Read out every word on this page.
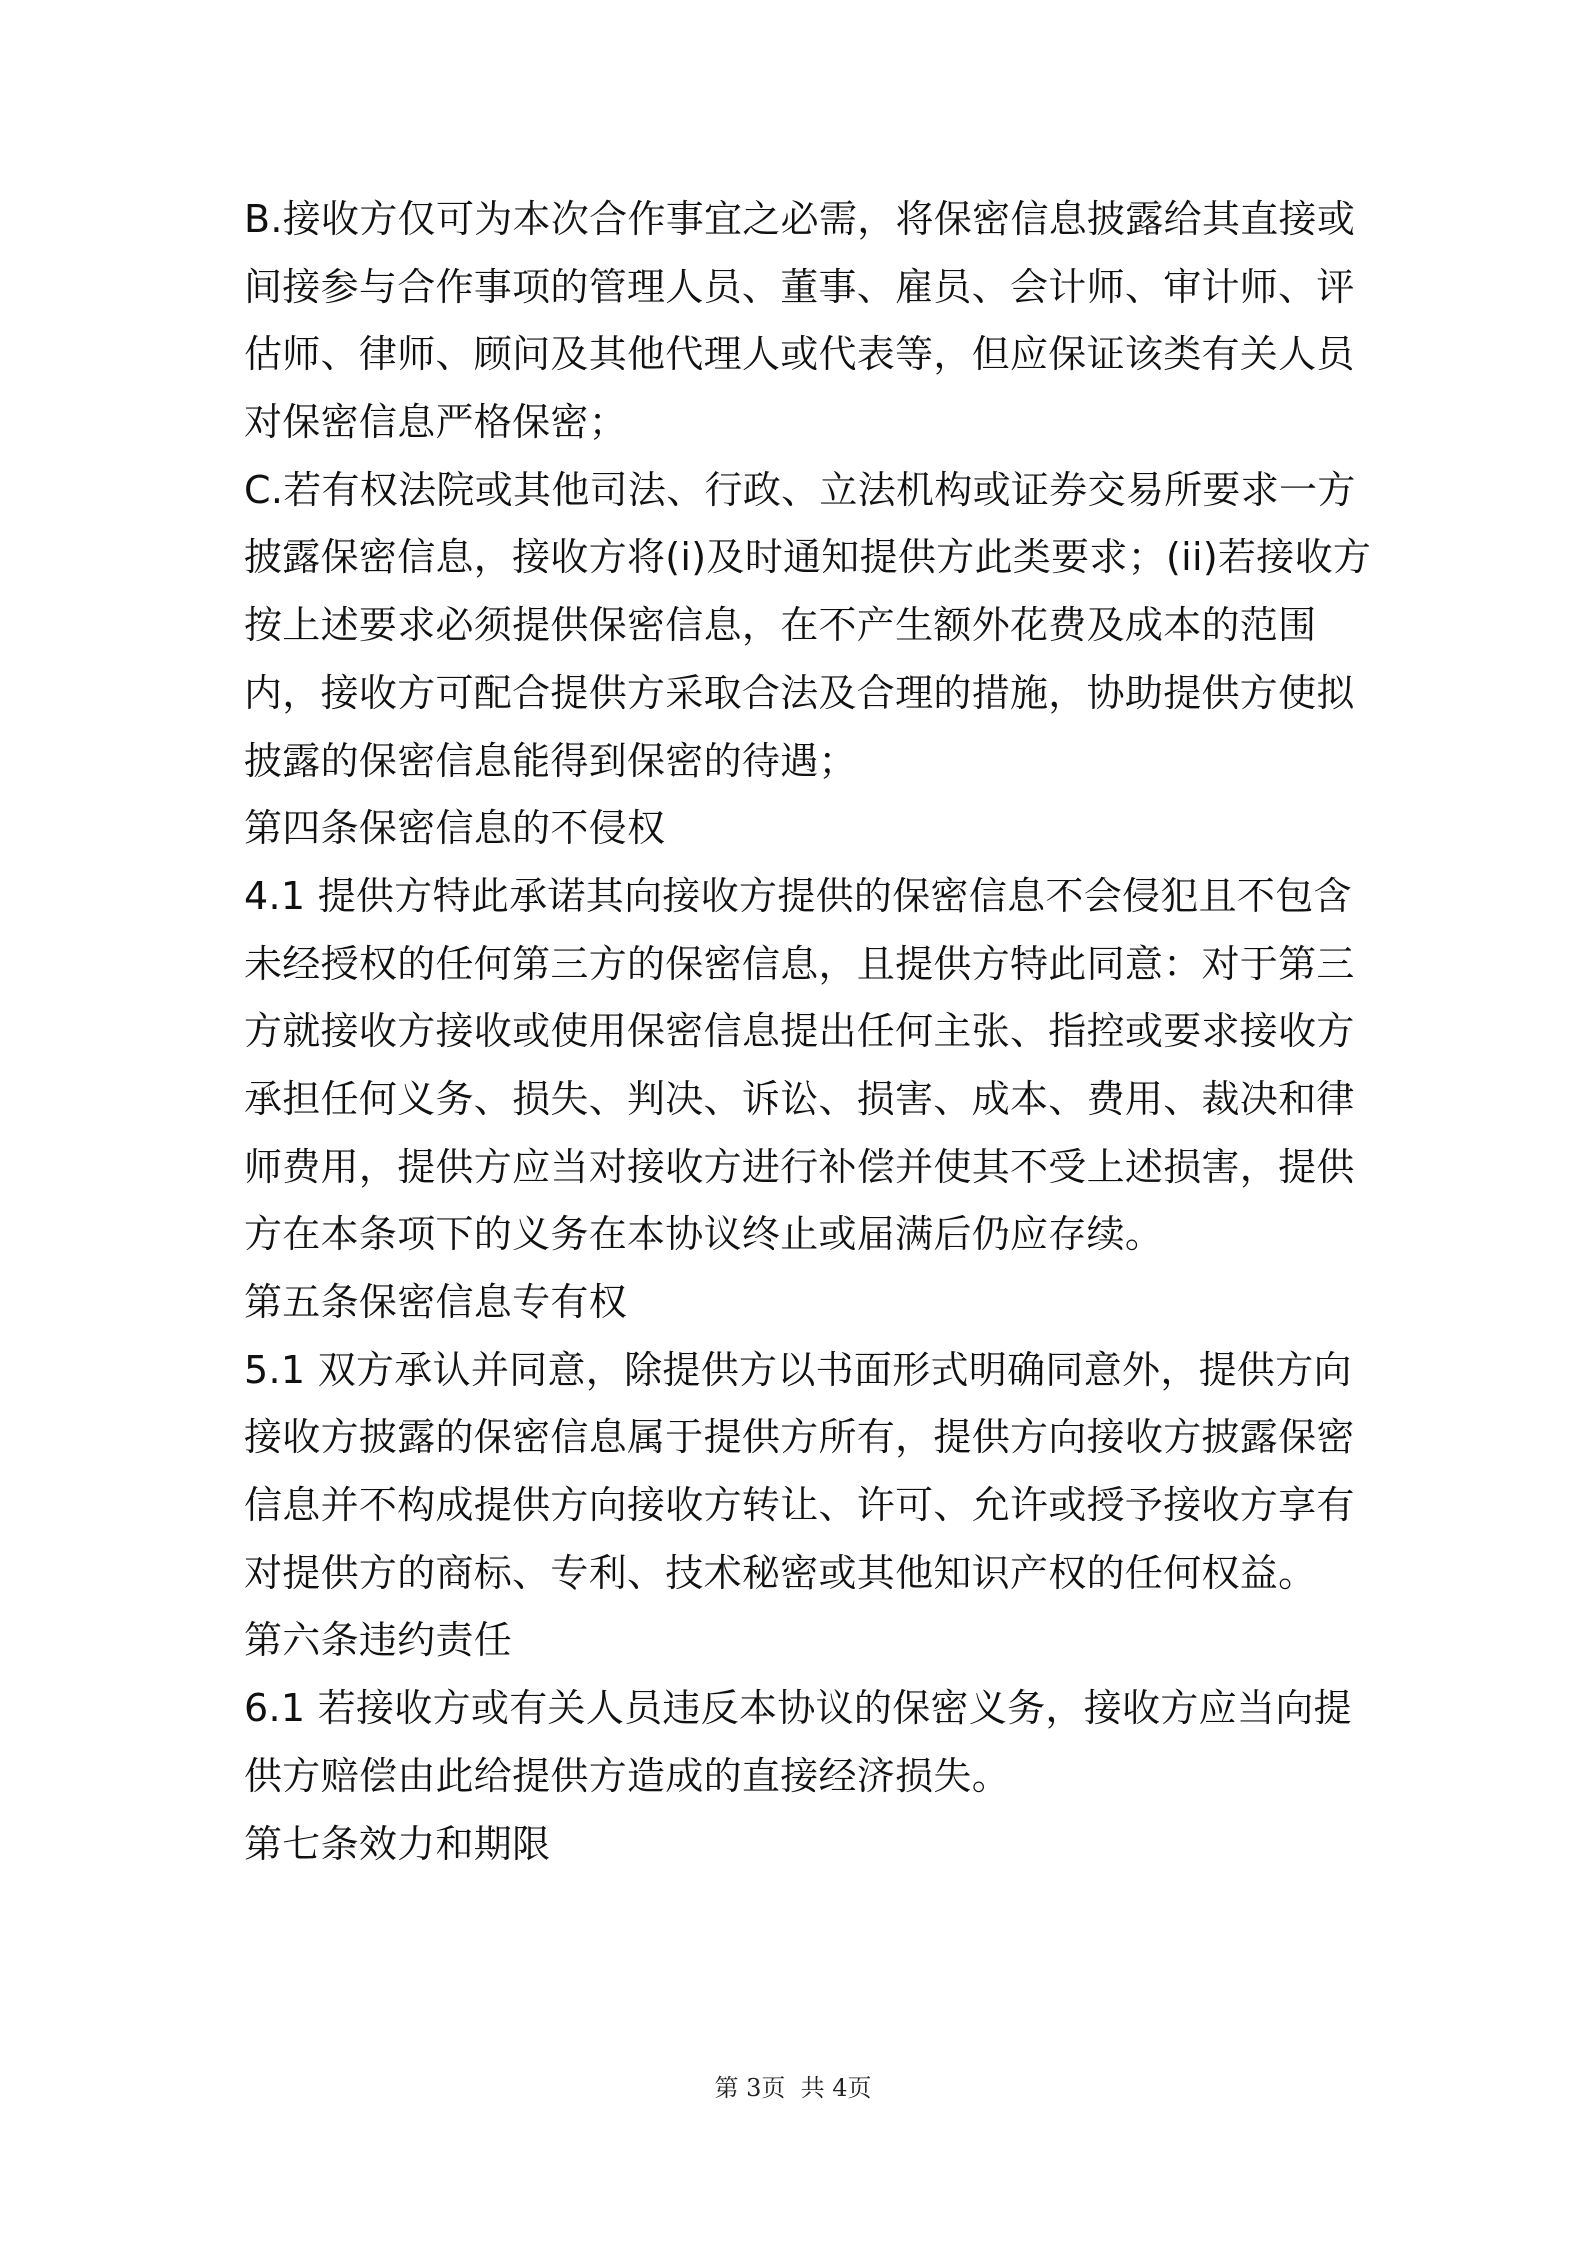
B.接收方仅可为本次合作事宜之必需，将保密信息披露给其直接或
间接参与合作事项的管理人员、董事、雇员、会计师、审计师、评
估师、律师、顾问及其他代理人或代表等，但应保证该类有关人员
对保密信息严格保密；
C.若有权法院或其他司法、行政、立法机构或证券交易所要求一方
披露保密信息，接收方将(i)及时通知提供方此类要求；(ii)若接收方
按上述要求必须提供保密信息，在不产生额外花费及成本的范围
内，接收方可配合提供方采取合法及合理的措施，协助提供方使拟
披露的保密信息能得到保密的待遇；
第四条保密信息的不侵权
4.1 提供方特此承诺其向接收方提供的保密信息不会侵犯且不包含
未经授权的任何第三方的保密信息，且提供方特此同意：对于第三
方就接收方接收或使用保密信息提出任何主张、指控或要求接收方
承担任何义务、损失、判决、诉讼、损害、成本、费用、裁决和律
师费用，提供方应当对接收方进行补偿并使其不受上述损害，提供
方在本条项下的义务在本协议终止或届满后仍应存续。
第五条保密信息专有权
5.1 双方承认并同意，除提供方以书面形式明确同意外，提供方向
接收方披露的保密信息属于提供方所有，提供方向接收方披露保密
信息并不构成提供方向接收方转让、许可、允许或授予接收方享有
对提供方的商标、专利、技术秘密或其他知识产权的任何权益。
第六条违约责任
6.1 若接收方或有关人员违反本协议的保密义务，接收方应当向提
供方赔偿由此给提供方造成的直接经济损失。
第七条效力和期限
第 3页  共 4页
